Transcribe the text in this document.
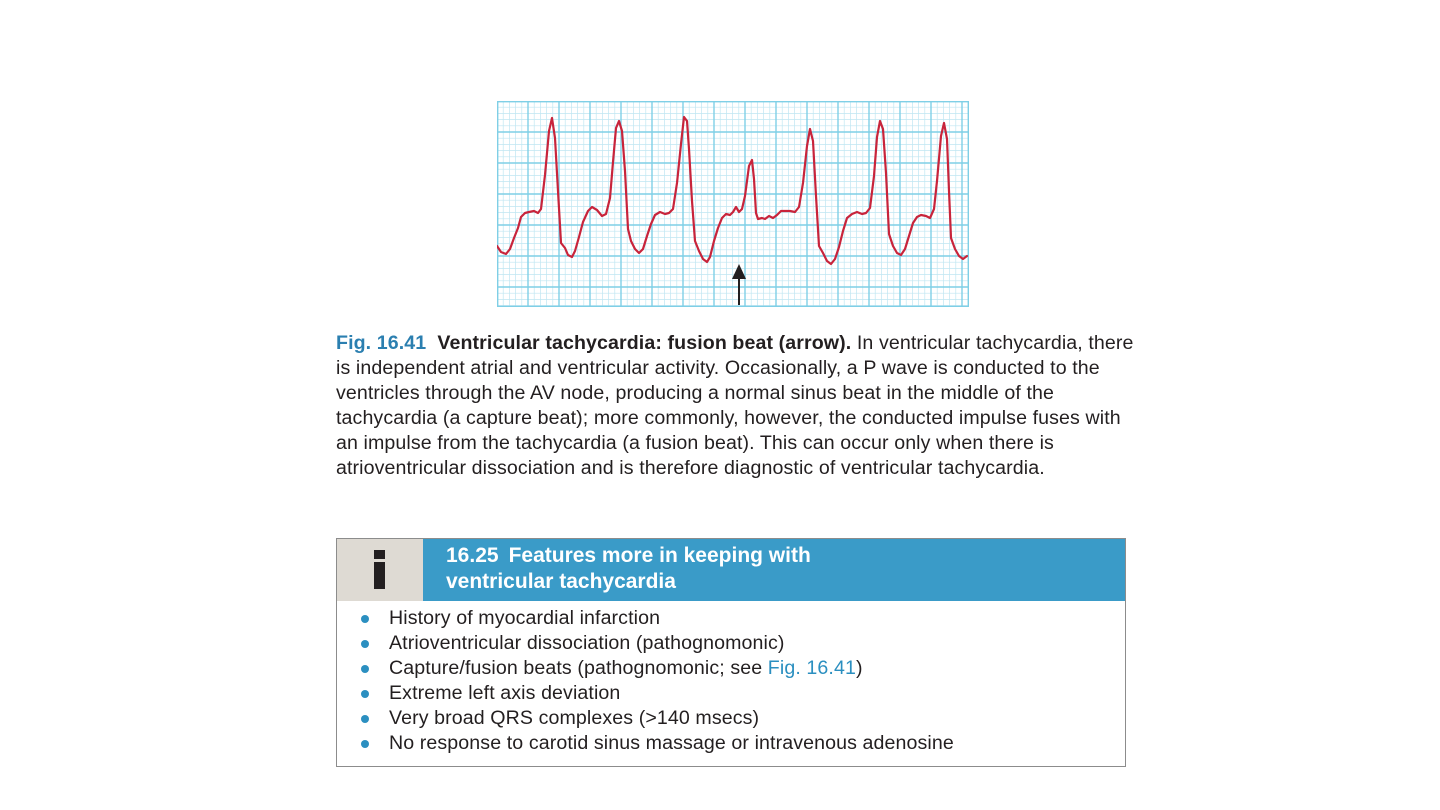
Fig. 16.41 Ventricular tachycardia: fusion beat (arrow). In ventricular tachycardia, there is independent atrial and ventricular activity. Occasionally, a P wave is conducted to the ventricles through the AV node, producing a normal sinus beat in the middle of the tachycardia (a capture beat); more commonly, however, the conducted impulse fuses with an impulse from the tachycardia (a fusion beat). This can occur only when there is atrioventricular dissociation and is therefore diagnostic of ventricular tachycardia.

16.25 Features more in keeping with
ventricular tachycardia
History of myocardial infarction
Atrioventricular dissociation (pathognomonic)
Capture/fusion beats (pathognomonic; see Fig. 16.41)
Extreme left axis deviation
Very broad QRS complexes (>140 msecs)
No response to carotid sinus massage or intravenous adenosine
